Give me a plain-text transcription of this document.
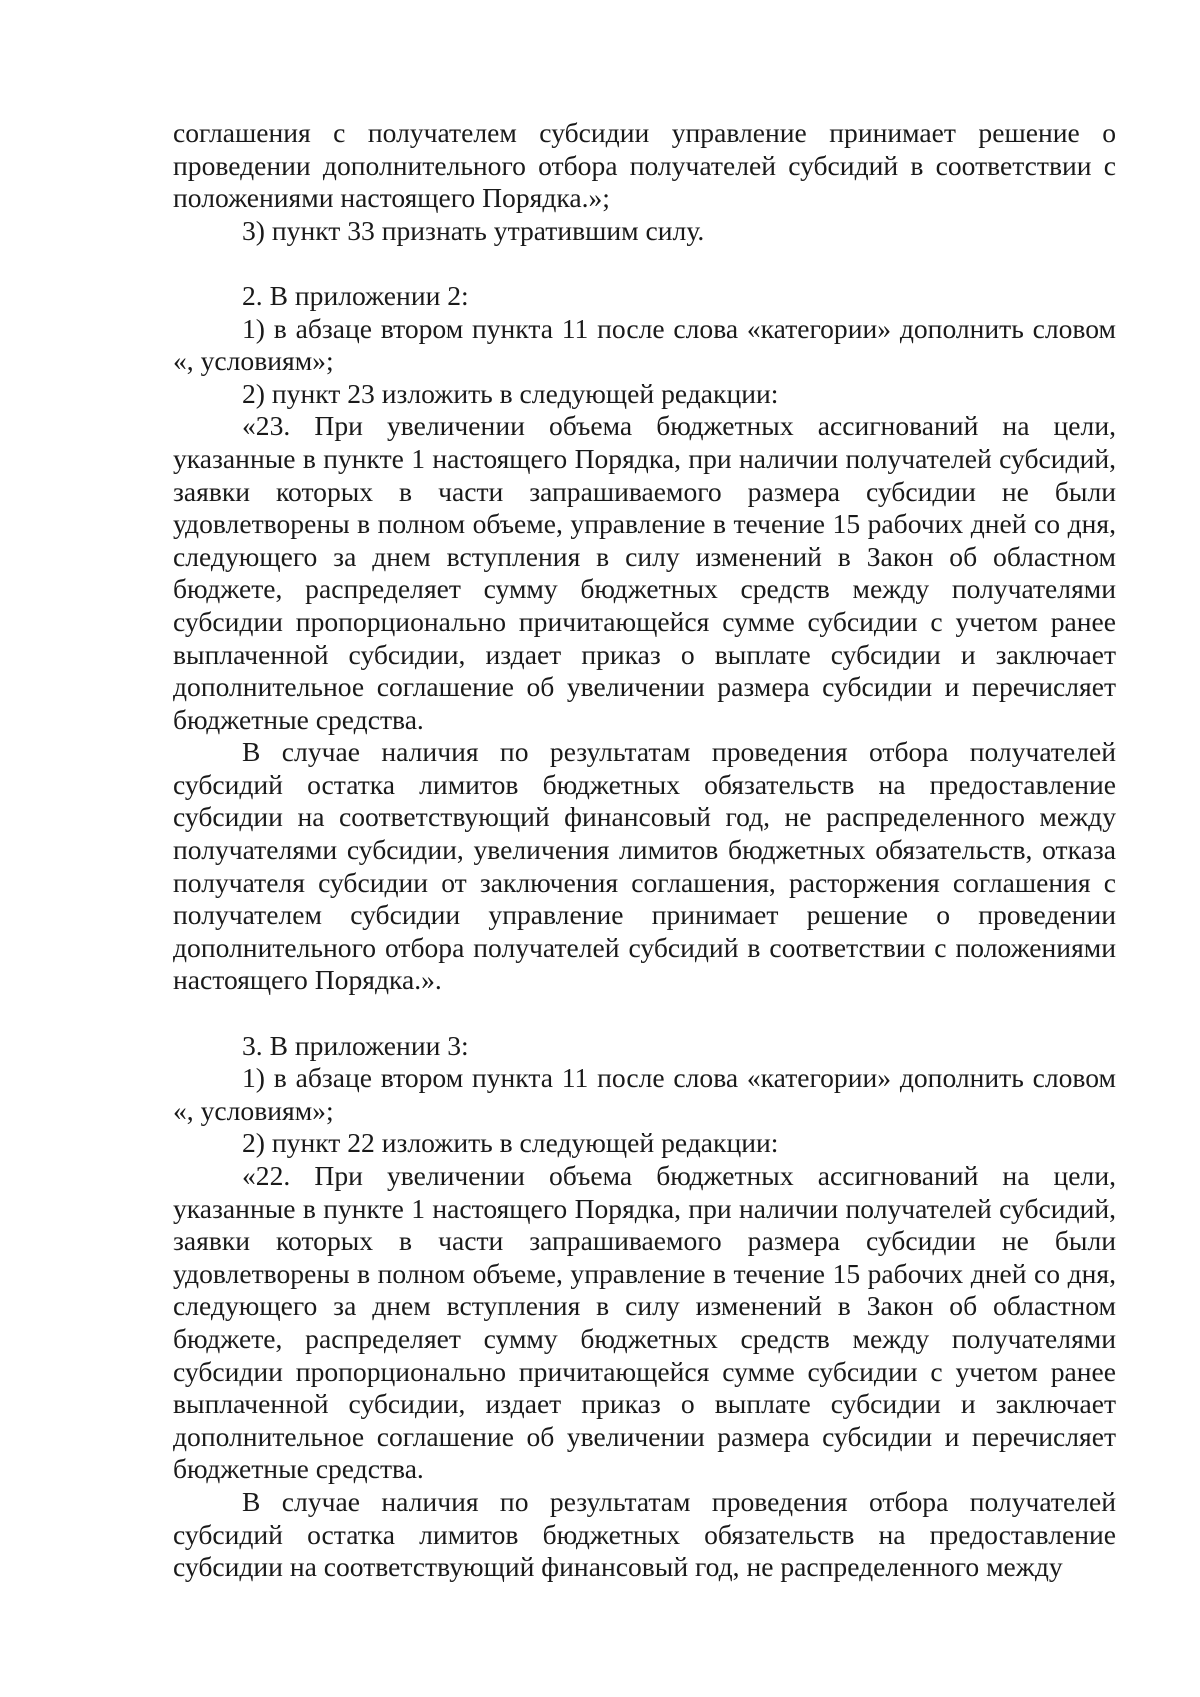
соглашения с получателем субсидии управление принимает решение о проведении дополнительного отбора получателей субсидий в соответствии с положениями настоящего Порядка.»;

3) пункт 33 признать утратившим силу.

2. В приложении 2:

1) в абзаце втором пункта 11 после слова «категории» дополнить словом «, условиям»;

2) пункт 23 изложить в следующей редакции:

«23. При увеличении объема бюджетных ассигнований на цели, указанные в пункте 1 настоящего Порядка, при наличии получателей субсидий, заявки которых в части запрашиваемого размера субсидии не были удовлетворены в полном объеме, управление в течение 15 рабочих дней со дня, следующего за днем вступления в силу изменений в Закон об областном бюджете, распределяет сумму бюджетных средств между получателями субсидии пропорционально причитающейся сумме субсидии с учетом ранее выплаченной субсидии, издает приказ о выплате субсидии и заключает дополнительное соглашение об увеличении размера субсидии и перечисляет бюджетные средства.

В случае наличия по результатам проведения отбора получателей субсидий остатка лимитов бюджетных обязательств на предоставление субсидии на соответствующий финансовый год, не распределенного между получателями субсидии, увеличения лимитов бюджетных обязательств, отказа получателя субсидии от заключения соглашения, расторжения соглашения с получателем субсидии управление принимает решение о проведении дополнительного отбора получателей субсидий в соответствии с положениями настоящего Порядка.».

3. В приложении 3:

1) в абзаце втором пункта 11 после слова «категории» дополнить словом «, условиям»;

2) пункт 22 изложить в следующей редакции:

«22. При увеличении объема бюджетных ассигнований на цели, указанные в пункте 1 настоящего Порядка, при наличии получателей субсидий, заявки которых в части запрашиваемого размера субсидии не были удовлетворены в полном объеме, управление в течение 15 рабочих дней со дня, следующего за днем вступления в силу изменений в Закон об областном бюджете, распределяет сумму бюджетных средств между получателями субсидии пропорционально причитающейся сумме субсидии с учетом ранее выплаченной субсидии, издает приказ о выплате субсидии и заключает дополнительное соглашение об увеличении размера субсидии и перечисляет бюджетные средства.

В случае наличия по результатам проведения отбора получателей субсидий остатка лимитов бюджетных обязательств на предоставление субсидии на соответствующий финансовый год, не распределенного между
